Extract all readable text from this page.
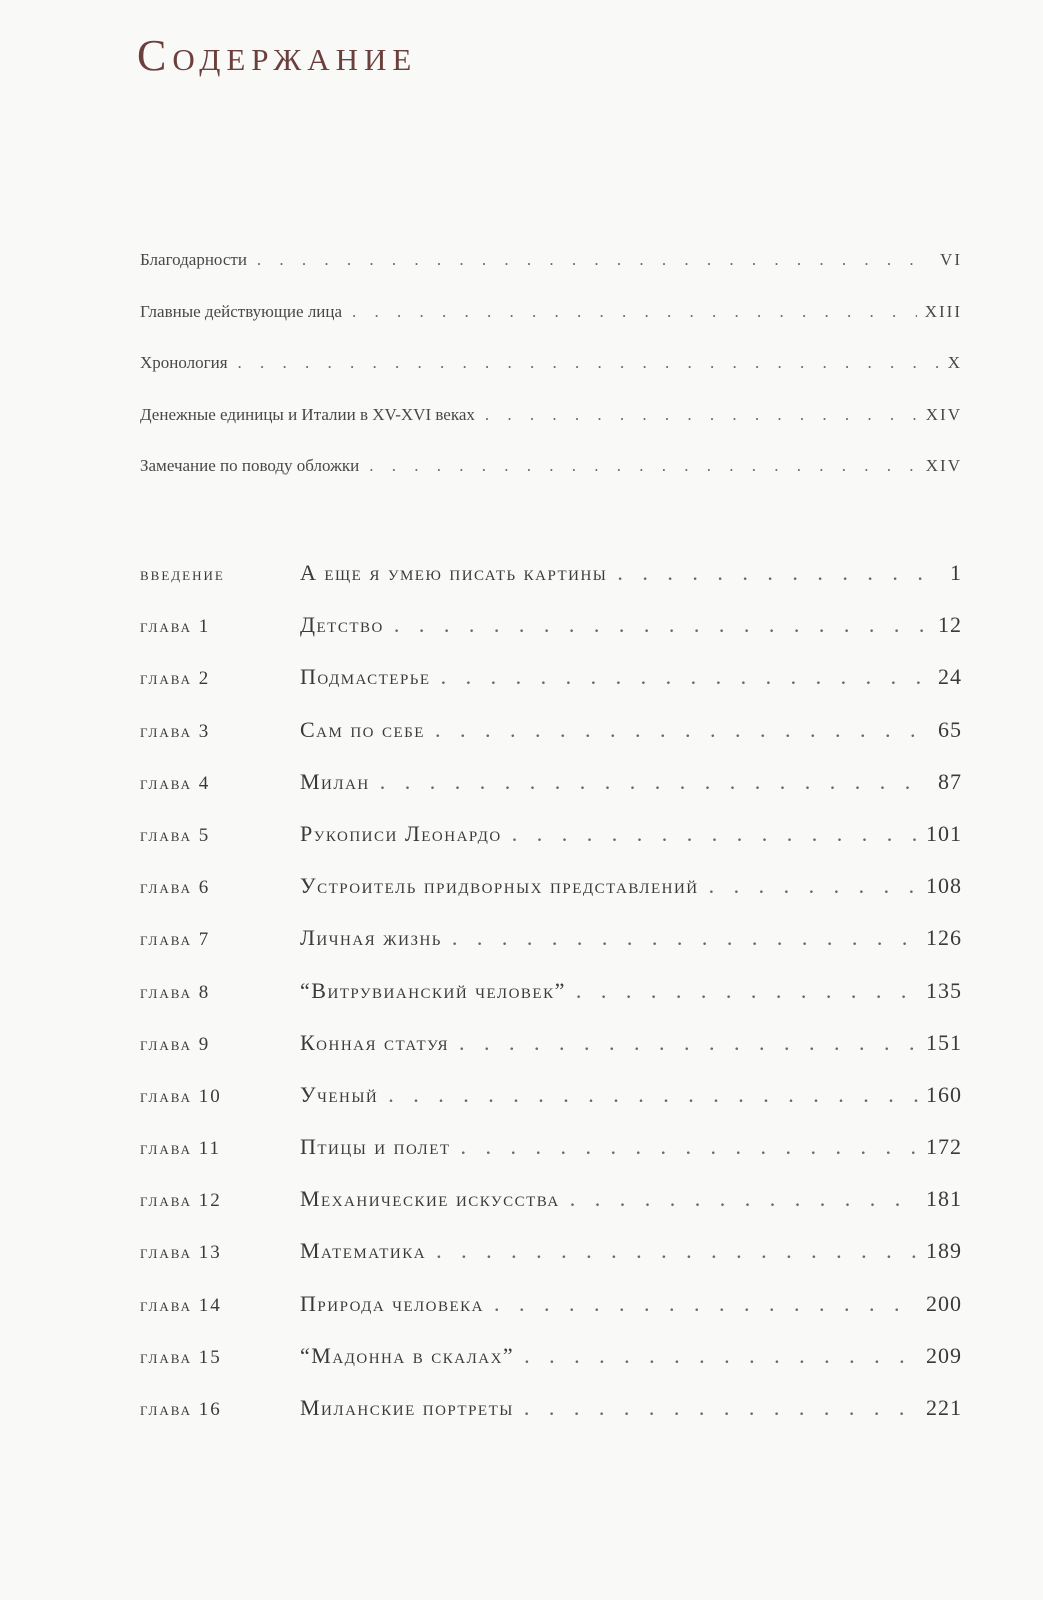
Содержание
Благодарности . . .	VI
Главные действующие лица . . .	XIII
Хронология . . .	X
Денежные единицы и Италии в XV-XVI веках . . .	XIV
Замечание по поводу обложки . . .	XIV
введение	А еще я умею писать картины . . .	1
глава 1	Детство . . .	12
глава 2	Подмастерье . . .	24
глава 3	Сам по себе . . .	65
глава 4	Милан . . .	87
глава 5	Рукописи Леонардо . . .	101
глава 6	Устроитель придворных представлений . . .	108
глава 7	Личная жизнь . . .	126
глава 8	“Витрувианский человек” . . .	135
глава 9	Конная статуя . . .	151
глава 10	Ученый . . .	160
глава 11	Птицы и полет . . .	172
глава 12	Механические искусства . . .	181
глава 13	Математика . . .	189
глава 14	Природа человека . . .	200
глава 15	“Мадонна в скалах” . . .	209
глава 16	Миланские портреты . . .	221
